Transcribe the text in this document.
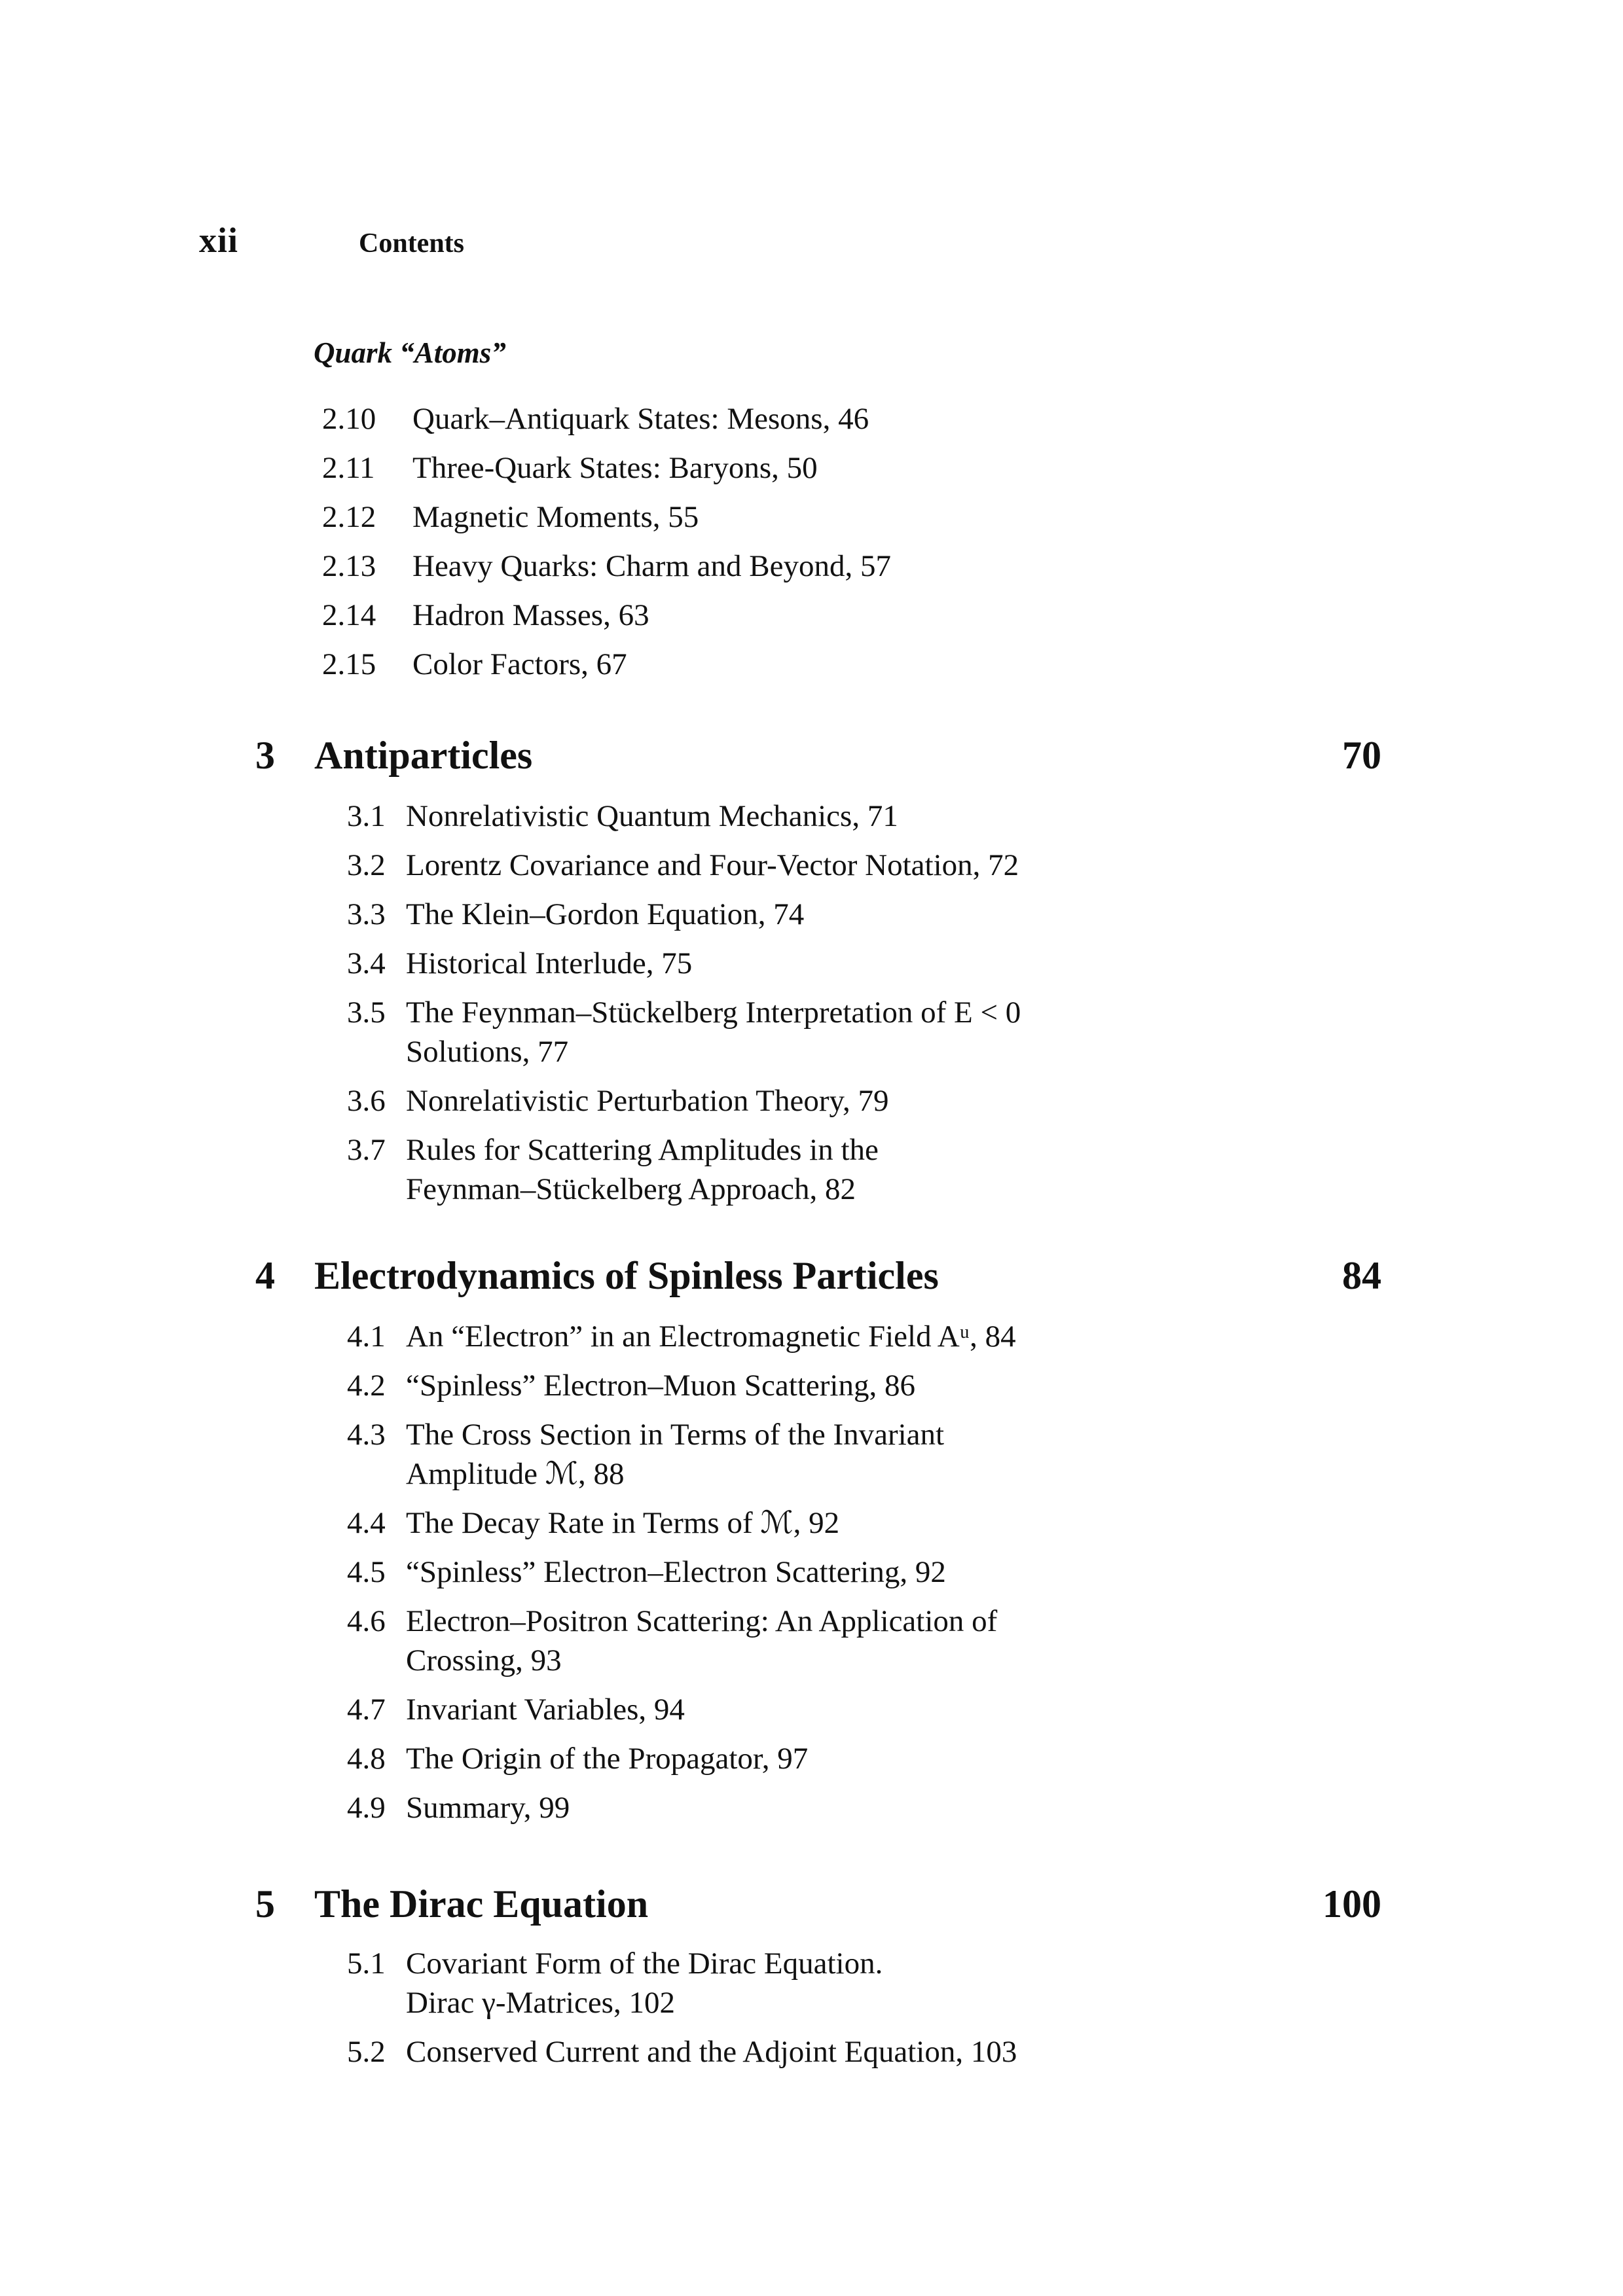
xii	Contents
Quark “Atoms”
2.10 Quark–Antiquark States: Mesons, 46
2.11 Three-Quark States: Baryons, 50
2.12 Magnetic Moments, 55
2.13 Heavy Quarks: Charm and Beyond, 57
2.14 Hadron Masses, 63
2.15 Color Factors, 67
3 Antiparticles	70
3.1 Nonrelativistic Quantum Mechanics, 71
3.2 Lorentz Covariance and Four-Vector Notation, 72
3.3 The Klein–Gordon Equation, 74
3.4 Historical Interlude, 75
3.5 The Feynman–Stückelberg Interpretation of E < 0
Solutions, 77
3.6 Nonrelativistic Perturbation Theory, 79
3.7 Rules for Scattering Amplitudes in the
Feynman–Stückelberg Approach, 82
4 Electrodynamics of Spinless Particles	84
4.1 An “Electron” in an Electromagnetic Field Aᵘ, 84
4.2 “Spinless” Electron–Muon Scattering, 86
4.3 The Cross Section in Terms of the Invariant
Amplitude ℳ, 88
4.4 The Decay Rate in Terms of ℳ, 92
4.5 “Spinless” Electron–Electron Scattering, 92
4.6 Electron–Positron Scattering: An Application of
Crossing, 93
4.7 Invariant Variables, 94
4.8 The Origin of the Propagator, 97
4.9 Summary, 99
5 The Dirac Equation	100
5.1 Covariant Form of the Dirac Equation.
Dirac γ-Matrices, 102
5.2 Conserved Current and the Adjoint Equation, 103
